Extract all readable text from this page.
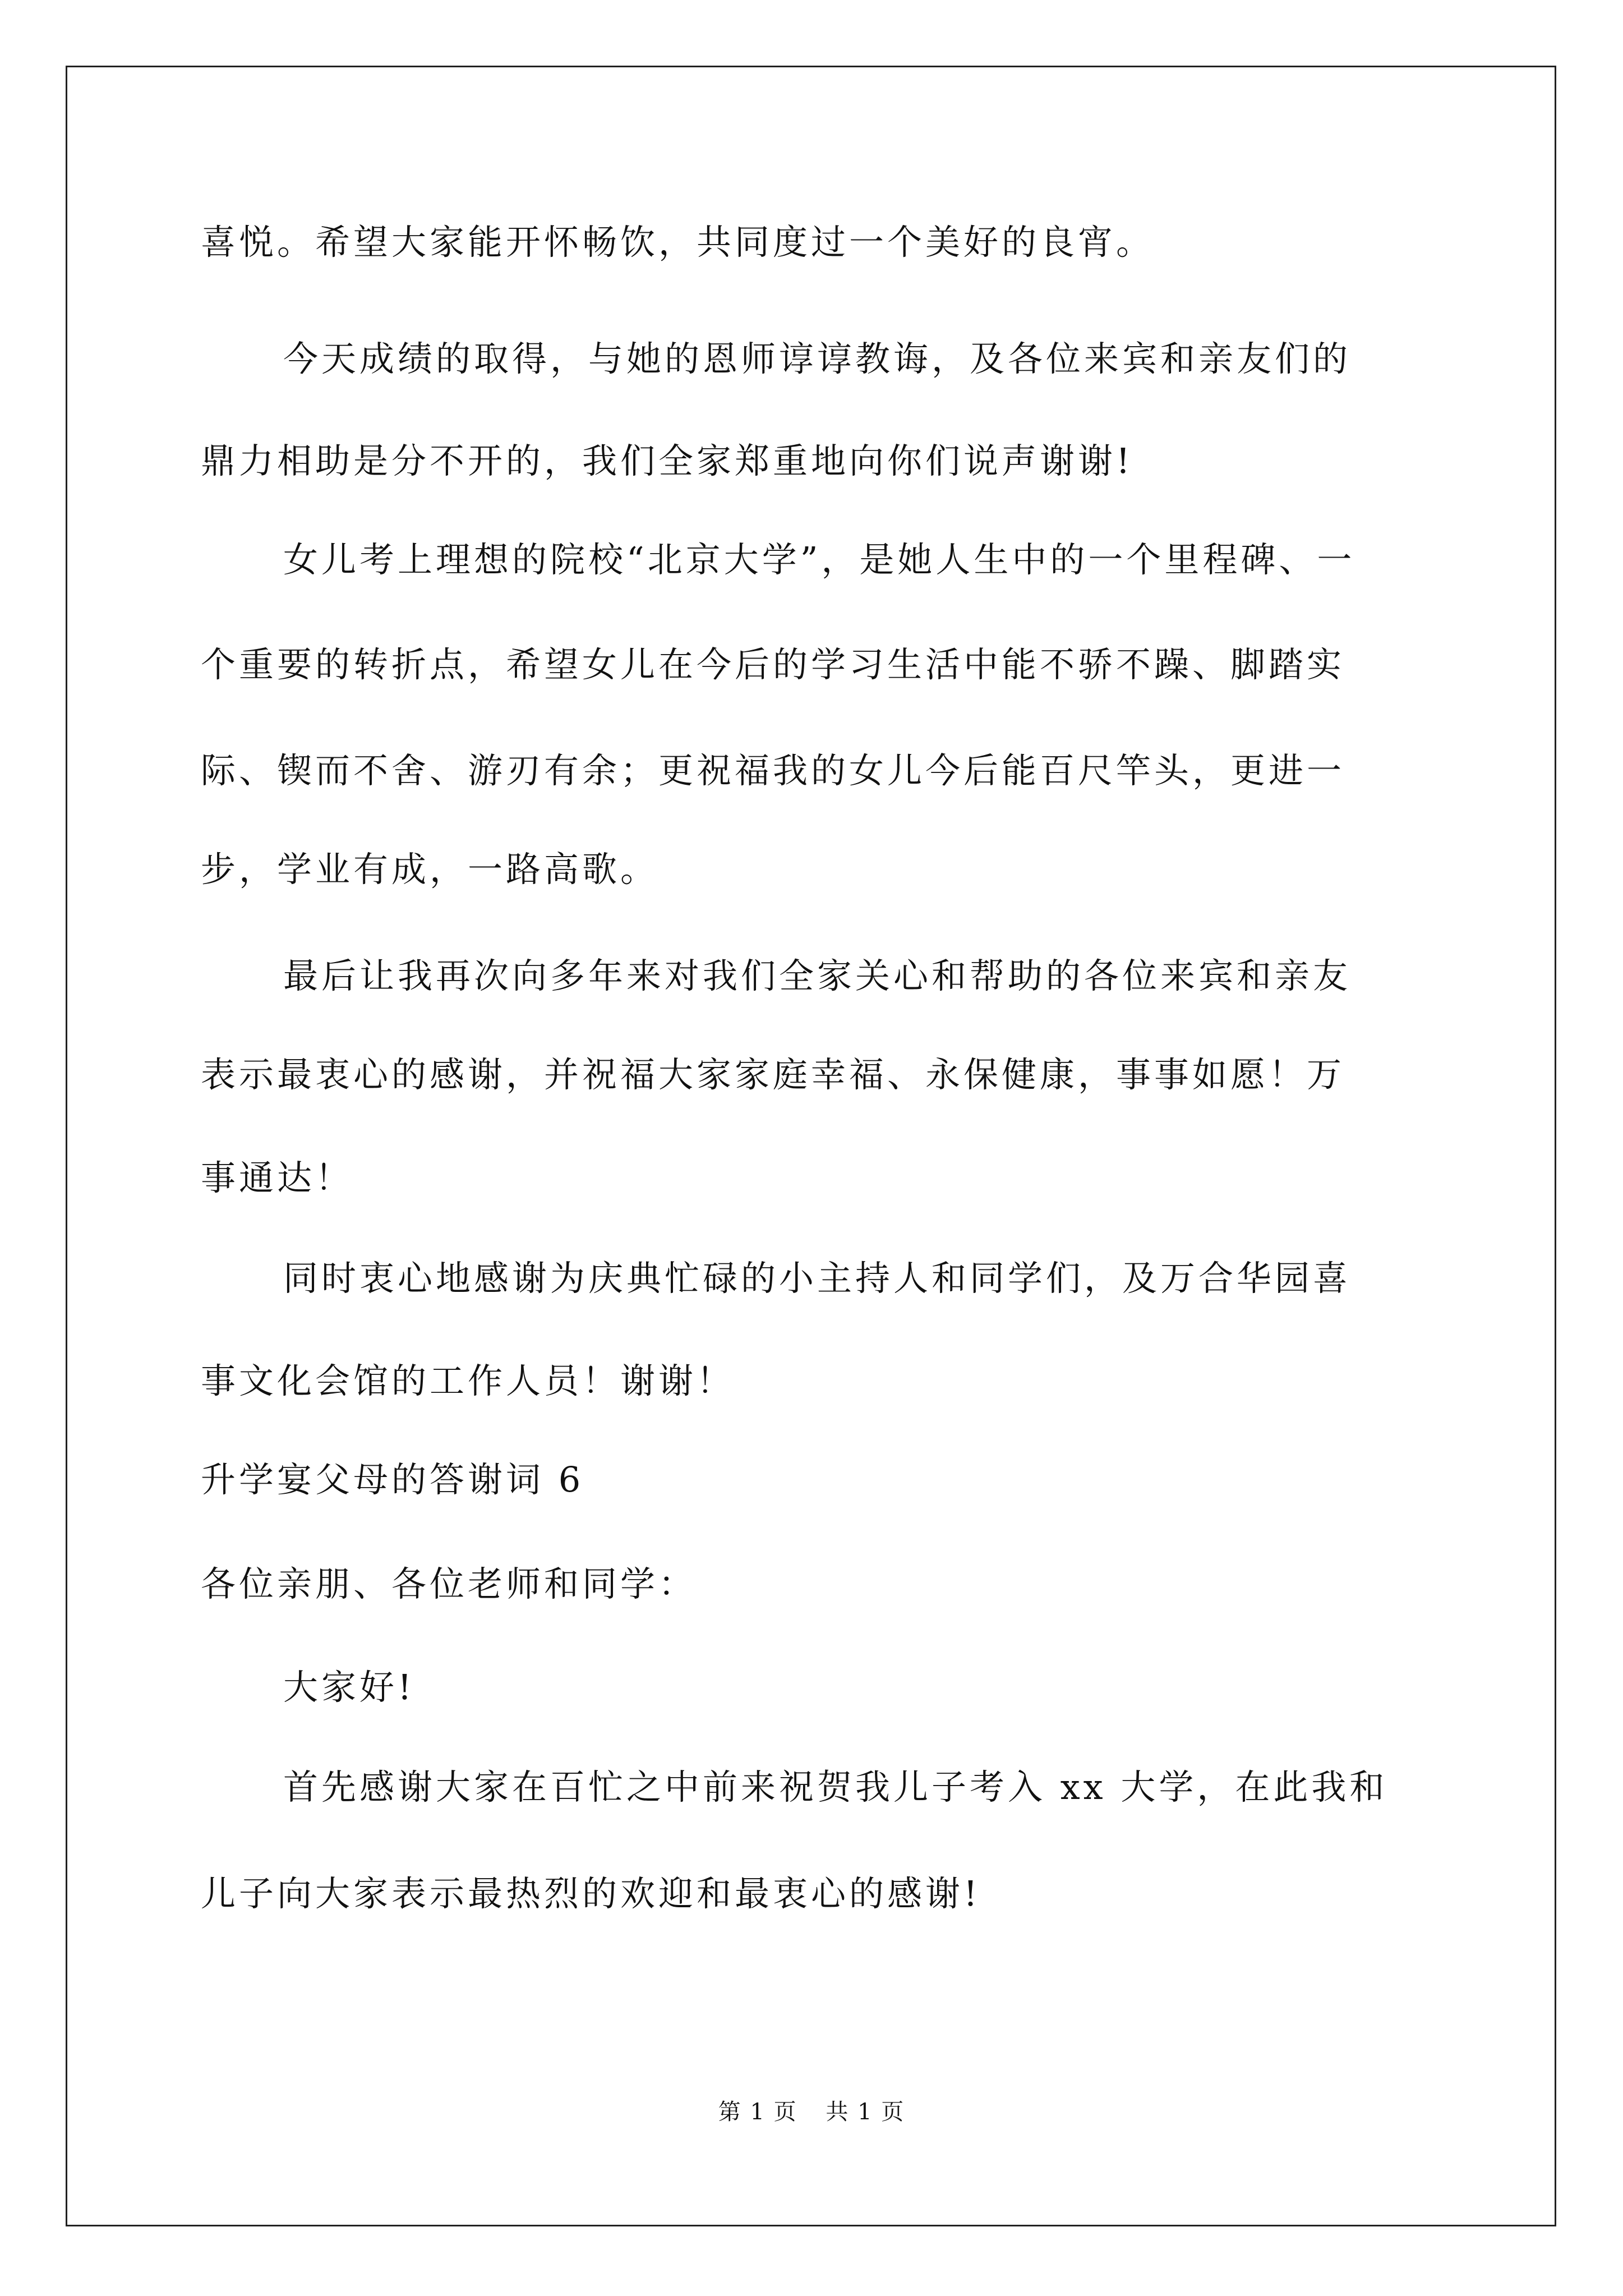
喜悦。希望大家能开怀畅饮，共同度过一个美好的良宵。
今天成绩的取得，与她的恩师谆谆教诲，及各位来宾和亲友们的
鼎力相助是分不开的，我们全家郑重地向你们说声谢谢!
女儿考上理想的院校“北京大学”，是她人生中的一个里程碑、一
个重要的转折点，希望女儿在今后的学习生活中能不骄不躁、脚踏实
际、锲而不舍、游刃有余；更祝福我的女儿今后能百尺竿头，更进一
步，学业有成，一路高歌。
最后让我再次向多年来对我们全家关心和帮助的各位来宾和亲友
表示最衷心的感谢，并祝福大家家庭幸福、永保健康，事事如愿！万
事通达！
同时衷心地感谢为庆典忙碌的小主持人和同学们，及万合华园喜
事文化会馆的工作人员！谢谢！
升学宴父母的答谢词 6
各位亲朋、各位老师和同学：
大家好!
首先感谢大家在百忙之中前来祝贺我儿子考入 xx 大学，在此我和
儿子向大家表示最热烈的欢迎和最衷心的感谢!
第 1 页 共 1 页
